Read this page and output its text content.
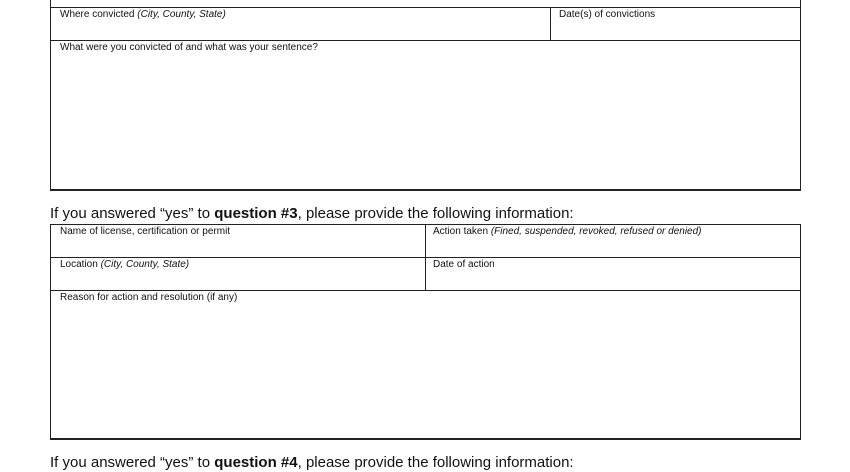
Where convicted (City, County, State)	Date(s) of convictions
What were you convicted of and what was your sentence?
If you answered “yes” to question #3, please provide the following information:
Name of license, certification or permit	Action taken (Fined, suspended, revoked, refused or denied)
Location (City, County, State)	Date of action
Reason for action and resolution (if any)
If you answered “yes” to question #4, please provide the following information:
